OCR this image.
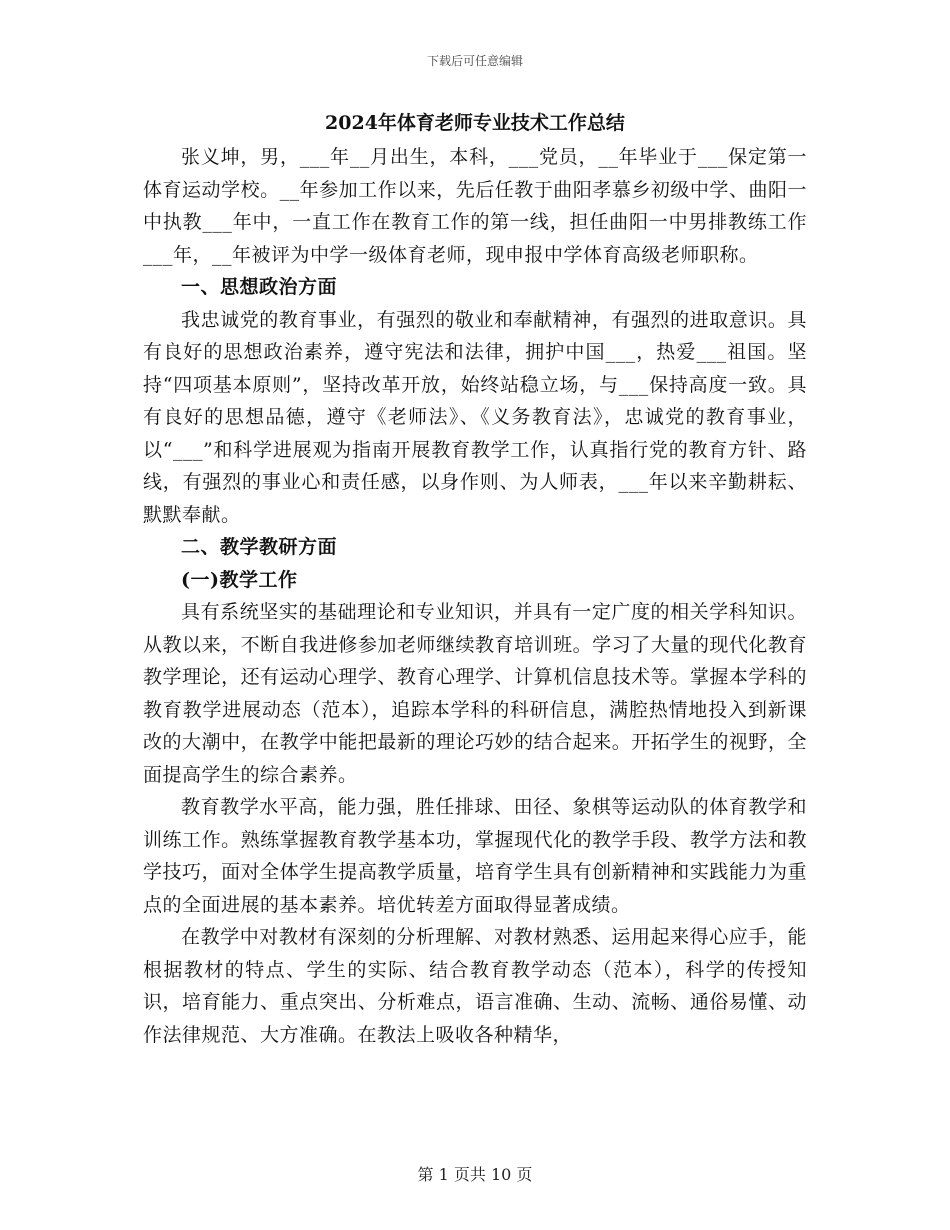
下载后可任意编辑
2024年体育老师专业技术工作总结

张义坤，男，___年__月出生，本科，___党员，__年毕业于___保定第一体育运动学校。__年参加工作以来，先后任教于曲阳孝慕乡初级中学、曲阳一中执教___年中，一直工作在教育工作的第一线，担任曲阳一中男排教练工作___年，__年被评为中学一级体育老师，现申报中学体育高级老师职称。

一、思想政治方面

我忠诚党的教育事业，有强烈的敬业和奉献精神，有强烈的进取意识。具有良好的思想政治素养，遵守宪法和法律，拥护中国___，热爱___祖国。坚持“四项基本原则”，坚持改革开放，始终站稳立场，与___保持高度一致。具有良好的思想品德，遵守《老师法》、《义务教育法》，忠诚党的教育事业，以“___”和科学进展观为指南开展教育教学工作，认真指行党的教育方针、路线，有强烈的事业心和责任感，以身作则、为人师表，___年以来辛勤耕耘、默默奉献。

二、教学教研方面

(一)教学工作

具有系统坚实的基础理论和专业知识，并具有一定广度的相关学科知识。从教以来，不断自我进修参加老师继续教育培训班。学习了大量的现代化教育教学理论，还有运动心理学、教育心理学、计算机信息技术等。掌握本学科的教育教学进展动态（范本），追踪本学科的科研信息，满腔热情地投入到新课改的大潮中，在教学中能把最新的理论巧妙的结合起来。开拓学生的视野，全面提高学生的综合素养。

教育教学水平高，能力强，胜任排球、田径、象棋等运动队的体育教学和训练工作。熟练掌握教育教学基本功，掌握现代化的教学手段、教学方法和教学技巧，面对全体学生提高教学质量，培育学生具有创新精神和实践能力为重点的全面进展的基本素养。培优转差方面取得显著成绩。

在教学中对教材有深刻的分析理解、对教材熟悉、运用起来得心应手，能根据教材的特点、学生的实际、结合教育教学动态（范本），科学的传授知识，培育能力、重点突出、分析难点，语言准确、生动、流畅、通俗易懂、动作法律规范、大方准确。在教法上吸收各种精华，

第 1 页共 10 页
